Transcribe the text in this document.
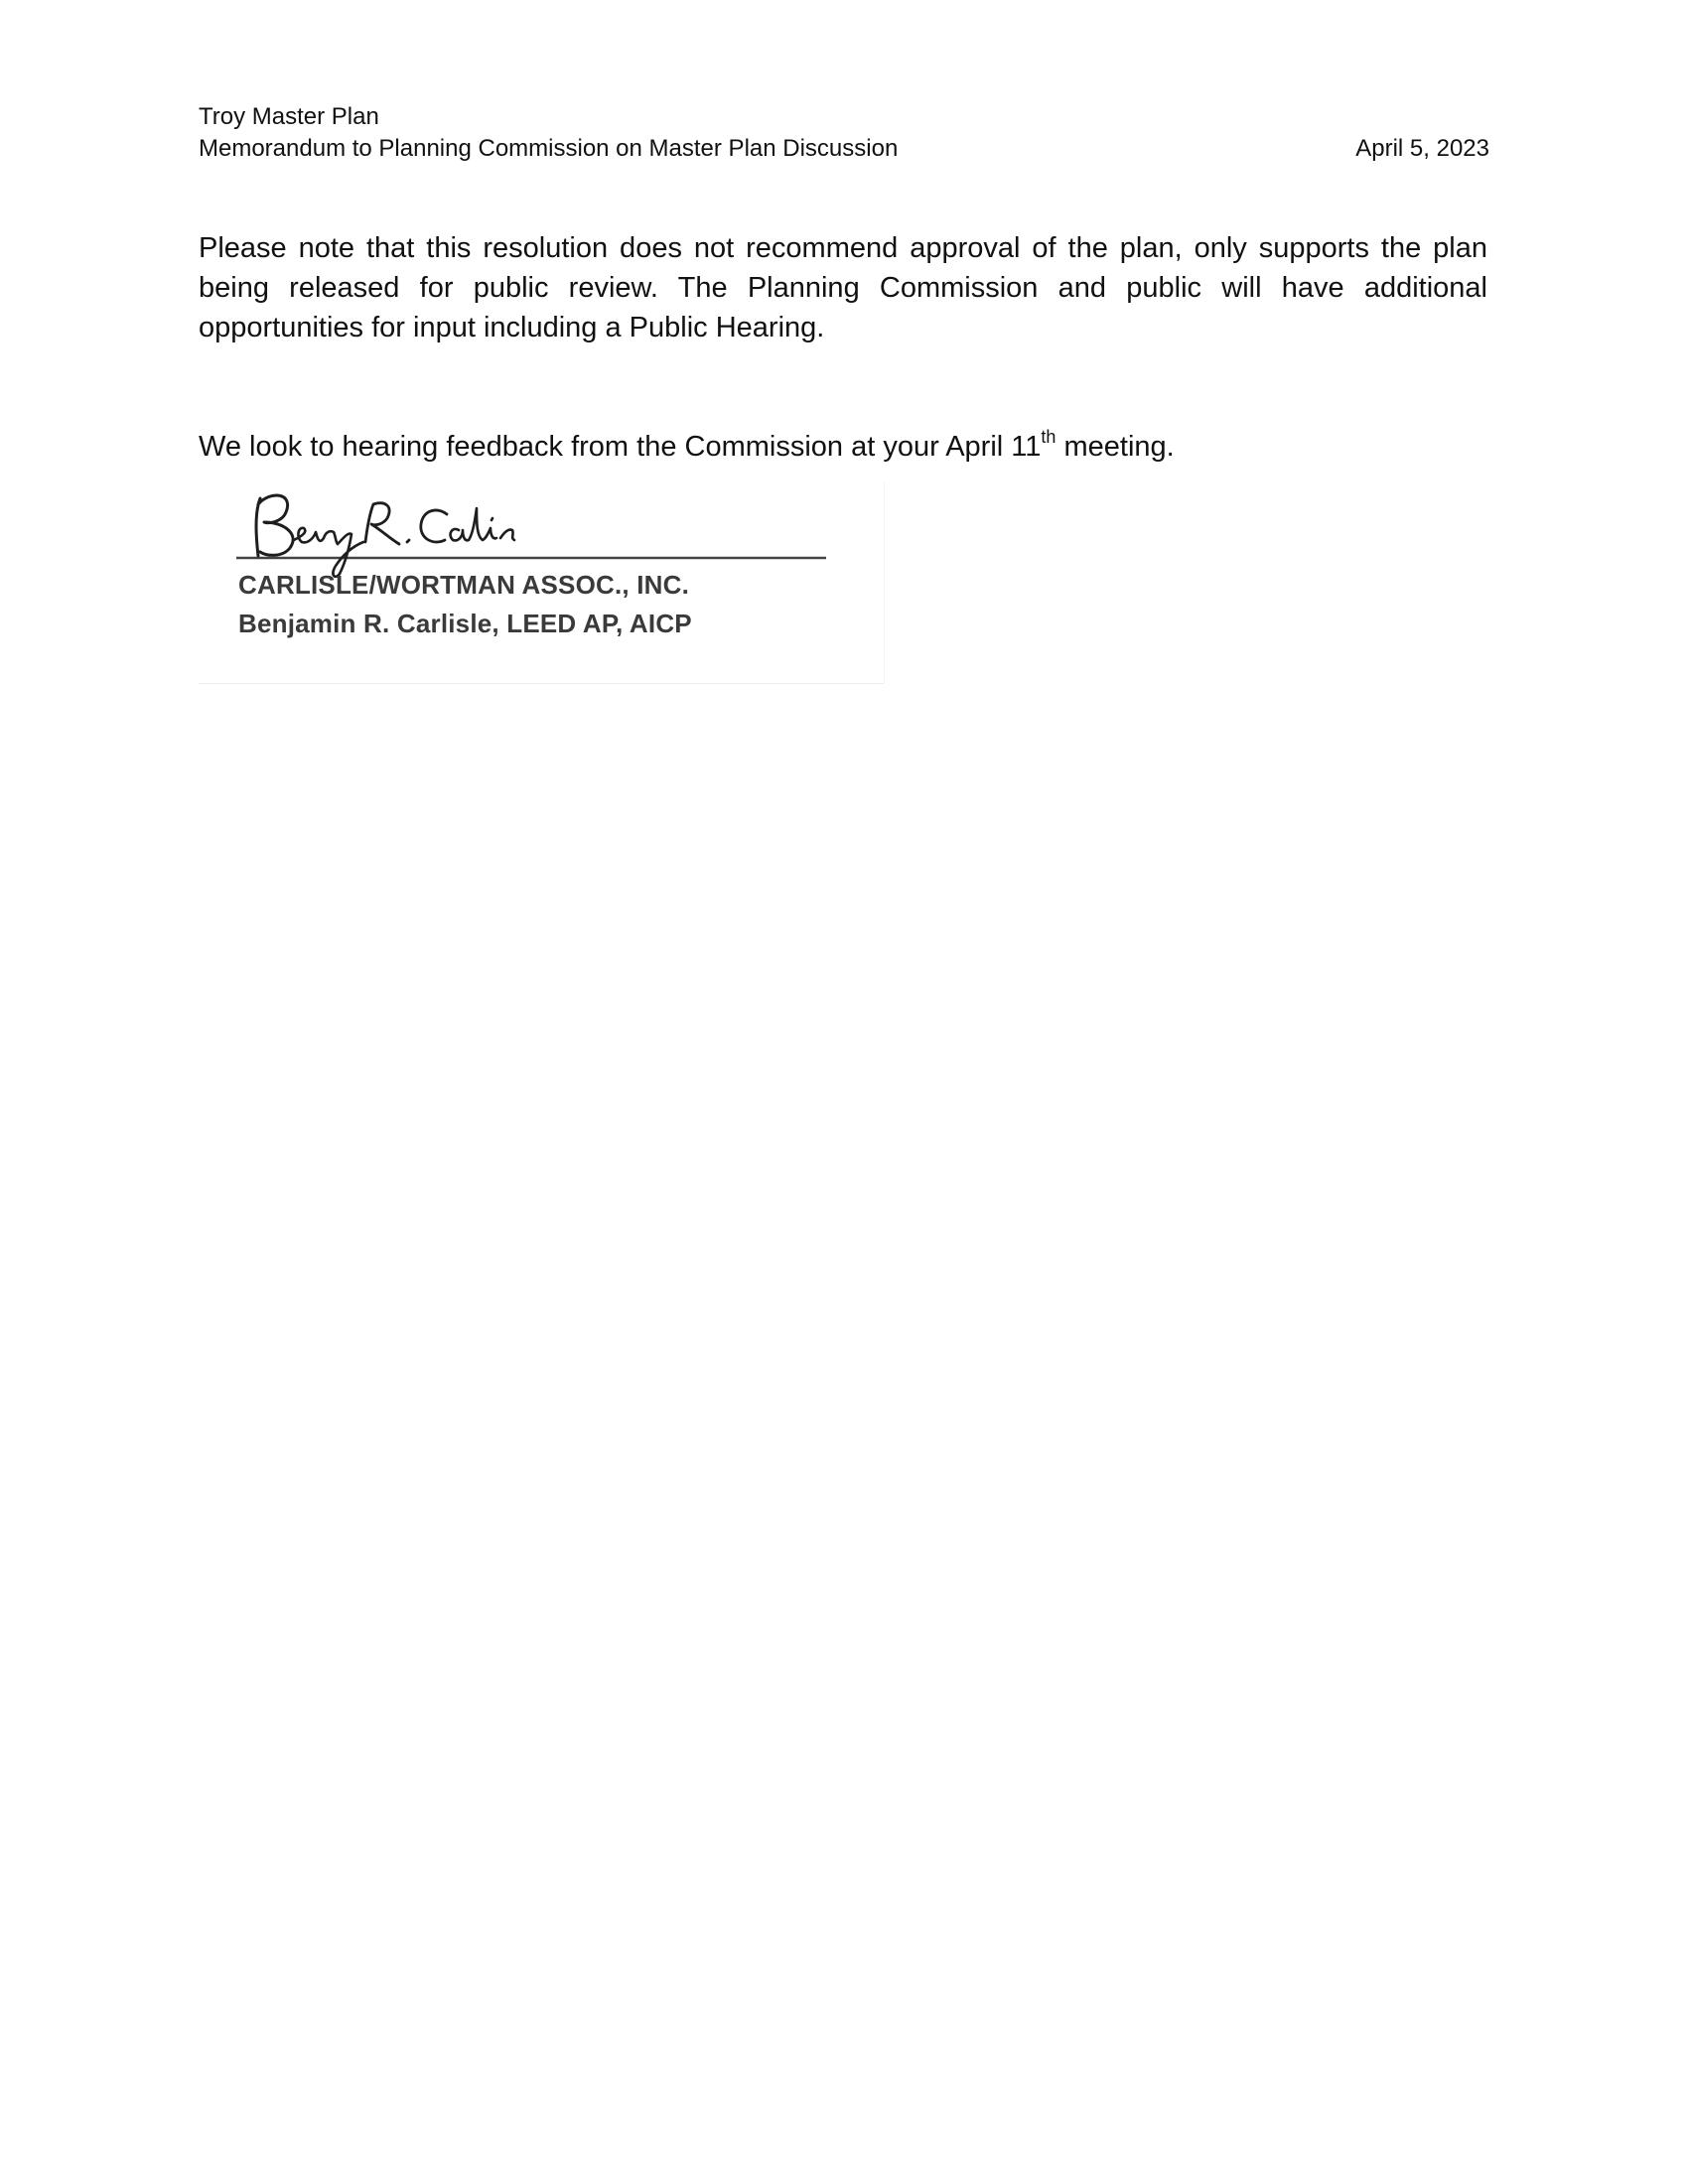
Troy Master Plan
Memorandum to Planning Commission on Master Plan Discussion	April 5, 2023

Please note that this resolution does not recommend approval of the plan, only supports the plan being released for public review. The Planning Commission and public will have additional opportunities for input including a Public Hearing.

We look to hearing feedback from the Commission at your April 11th meeting.

CARLISLE/WORTMAN ASSOC., INC.
Benjamin R. Carlisle, LEED AP, AICP
